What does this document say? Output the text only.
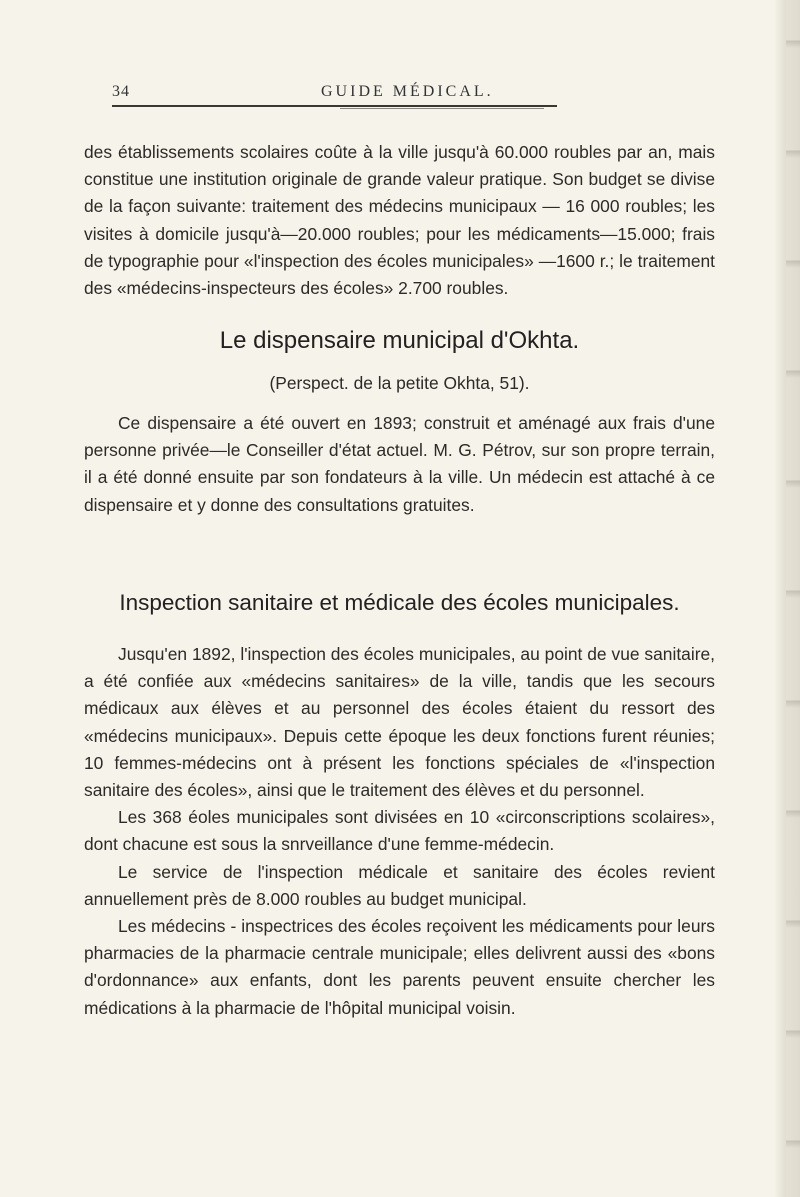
34	GUIDE MÉDICAL.

des établissements scolaires coûte à la ville jusqu'à 60.000 roubles par an, mais constitue une institution originale de grande valeur pratique. Son budget se divise de la façon suivante: traitement des médecins municipaux — 16 000 roubles; les visites à domicile jusqu'à—20.000 roubles; pour les médicaments—15.000; frais de typographie pour «l'inspection des écoles municipales» —1600 r.; le traitement des «médecins-inspecteurs des écoles» 2.700 roubles.

Le dispensaire municipal d'Okhta.
(Perspect. de la petite Okhta, 51).

Ce dispensaire a été ouvert en 1893; construit et aménagé aux frais d'une personne privée—le Conseiller d'état actuel. M. G. Pétrov, sur son propre terrain, il a été donné ensuite par son fondateurs à la ville. Un médecin est attaché à ce dispensaire et y donne des consultations gratuites.

Inspection sanitaire et médicale des écoles municipales.

Jusqu'en 1892, l'inspection des écoles municipales, au point de vue sanitaire, a été confiée aux «médecins sanitaires» de la ville, tandis que les secours médicaux aux élèves et au personnel des écoles étaient du ressort des «médecins municipaux». Depuis cette époque les deux fonctions furent réunies; 10 femmes-médecins ont à présent les fonctions spéciales de «l'inspection sanitaire des écoles», ainsi que le traitement des élèves et du personnel.

Les 368 éoles municipales sont divisées en 10 «circonscriptions scolaires», dont chacune est sous la snrveillance d'une femme-médecin.

Le service de l'inspection médicale et sanitaire des écoles revient annuellement près de 8.000 roubles au budget municipal.

Les médecins - inspectrices des écoles reçoivent les médicaments pour leurs pharmacies de la pharmacie centrale municipale; elles delivrent aussi des «bons d'ordonnance» aux enfants, dont les parents peuvent ensuite chercher les médications à la pharmacie de l'hôpital municipal voisin.
